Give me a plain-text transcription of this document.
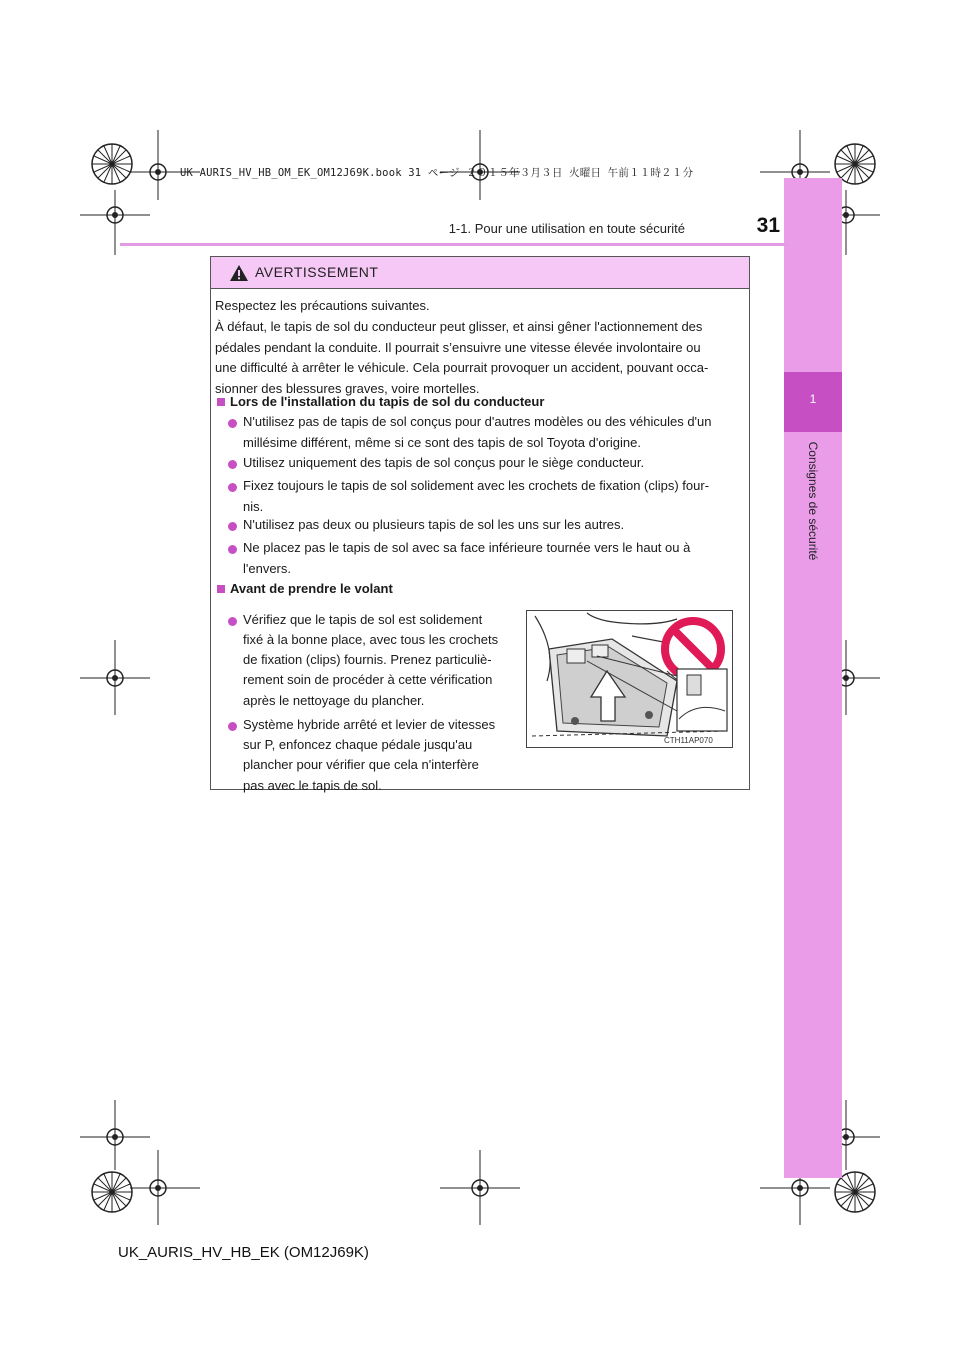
UK AURIS_HV_HB_OM_EK_OM12J69K.book 31 ページ ２０１５年３月３日 火曜日 午前１１時２１分
1
Consignes de sécurité
1-1. Pour une utilisation en toute sécurité	31
AVERTISSEMENT
Respectez les précautions suivantes.
À défaut, le tapis de sol du conducteur peut glisser, et ainsi gêner l'actionnement des
pédales pendant la conduite. Il pourrait s’ensuivre une vitesse élevée involontaire ou
une difficulté à arrêter le véhicule. Cela pourrait provoquer un accident, pouvant occa-
sionner des blessures graves, voire mortelles.
Lors de l'installation du tapis de sol du conducteur
N'utilisez pas de tapis de sol conçus pour d'autres modèles ou des véhicules d'un
millésime différent, même si ce sont des tapis de sol Toyota d'origine.
Utilisez uniquement des tapis de sol conçus pour le siège conducteur.
Fixez toujours le tapis de sol solidement avec les crochets de fixation (clips) four-
nis.
N'utilisez pas deux ou plusieurs tapis de sol les uns sur les autres.
Ne placez pas le tapis de sol avec sa face inférieure tournée vers le haut ou à
l'envers.
Avant de prendre le volant
Vérifiez que le tapis de sol est solidement
fixé à la bonne place, avec tous les crochets
de fixation (clips) fournis. Prenez particuliè-
rement soin de procéder à cette vérification
après le nettoyage du plancher.
Système hybride arrêté et levier de vitesses
sur P, enfoncez chaque pédale jusqu'au
plancher pour vérifier que cela n'interfère
pas avec le tapis de sol.
CTH11AP070
UK_AURIS_HV_HB_EK (OM12J69K)
